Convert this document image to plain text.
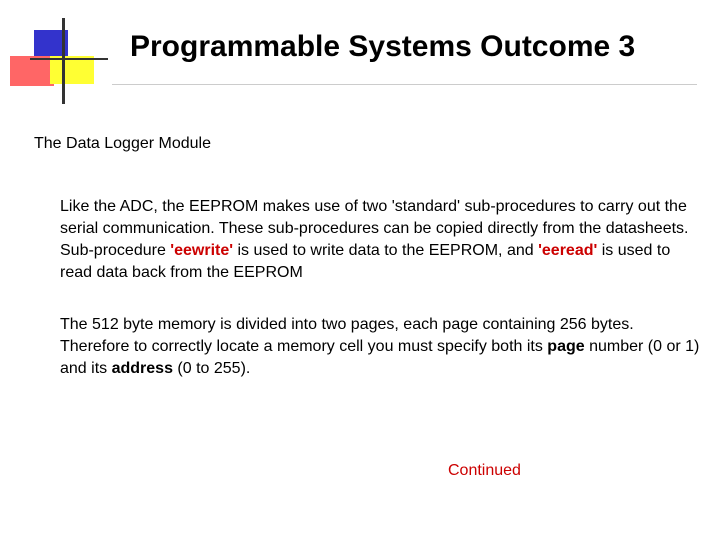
Programmable Systems Outcome 3
The Data Logger Module
Like the ADC, the EEPROM makes use of two 'standard' sub-procedures to carry out the serial communication. These sub-procedures can be copied directly from the datasheets. Sub-procedure 'eewrite' is used to write data to the EEPROM, and 'eeread' is used to read data back from the EEPROM
The 512 byte memory is divided into two pages, each page containing 256 bytes. Therefore to correctly locate a memory cell you must specify both its page number (0 or 1) and its address (0 to 255).
Continued
